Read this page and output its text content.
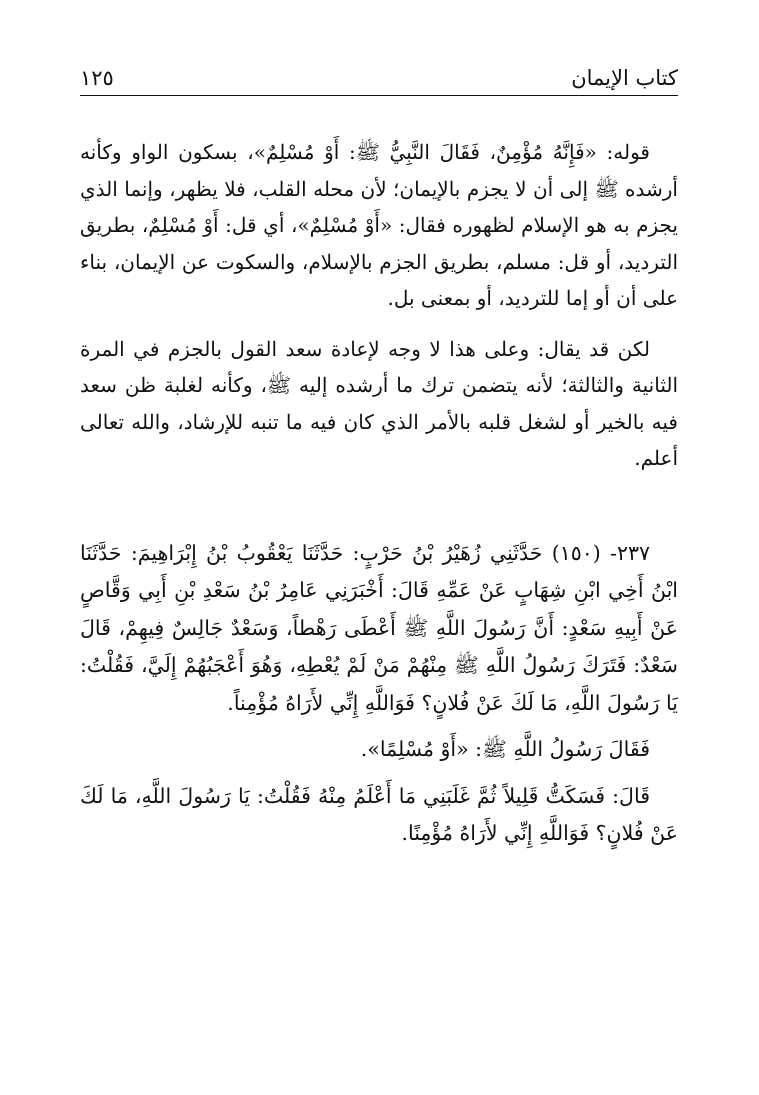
كتاب الإيمان
١٢٥

قوله: «فَإِنَّهُ مُؤْمِنٌ، فَقَالَ النَّبِيُّ ﷺ: أَوْ مُسْلِمٌ»، بسكون الواو وكأنه أرشده ﷺ إلى أن لا يجزم بالإيمان؛ لأن محله القلب، فلا يظهر، وإنما الذي يجزم به هو الإسلام لظهوره فقال: «أَوْ مُسْلِمٌ»، أي قل: أَوْ مُسْلِمٌ، بطريق الترديد، أو قل: مسلم، بطريق الجزم بالإسلام، والسكوت عن الإيمان، بناء على أن أو إما للترديد، أو بمعنى بل.

لكن قد يقال: وعلى هذا لا وجه لإعادة سعد القول بالجزم في المرة الثانية والثالثة؛ لأنه يتضمن ترك ما أرشده إليه ﷺ، وكأنه لغلبة ظن سعد فيه بالخير أو لشغل قلبه بالأمر الذي كان فيه ما تنبه للإرشاد، والله تعالى أعلم.

٢٣٧- (١٥٠) حَدَّثَنِي زُهَيْرُ بْنُ حَرْبٍ: حَدَّثَنَا يَعْقُوبُ بْنُ إِبْرَاهِيمَ: حَدَّثَنَا ابْنُ أَخِي ابْنِ شِهَابٍ عَنْ عَمِّهِ قَالَ: أَخْبَرَنِي عَامِرُ بْنُ سَعْدِ بْنِ أَبِي وَقَّاصٍ عَنْ أَبِيهِ سَعْدٍ: أَنَّ رَسُولَ اللَّهِ ﷺ أَعْطَى رَهْطاً، وَسَعْدٌ جَالِسٌ فِيهِمْ، قَالَ سَعْدٌ: فَتَرَكَ رَسُولُ اللَّهِ ﷺ مِنْهُمْ مَنْ لَمْ يُعْطِهِ، وَهُوَ أَعْجَبُهُمْ إِلَيَّ، فَقُلْتُ: يَا رَسُولَ اللَّهِ، مَا لَكَ عَنْ فُلانٍ؟ فَوَاللَّهِ إِنِّي لأَرَاهُ مُؤْمِناً.

فَقَالَ رَسُولُ اللَّهِ ﷺ: «أَوْ مُسْلِمًا».

قَالَ: فَسَكَتُّ قَلِيلاً ثُمَّ غَلَبَنِي مَا أَعْلَمُ مِنْهُ فَقُلْتُ: يَا رَسُولَ اللَّهِ، مَا لَكَ عَنْ فُلانٍ؟ فَوَاللَّهِ إِنِّي لأَرَاهُ مُؤْمِنًا.
